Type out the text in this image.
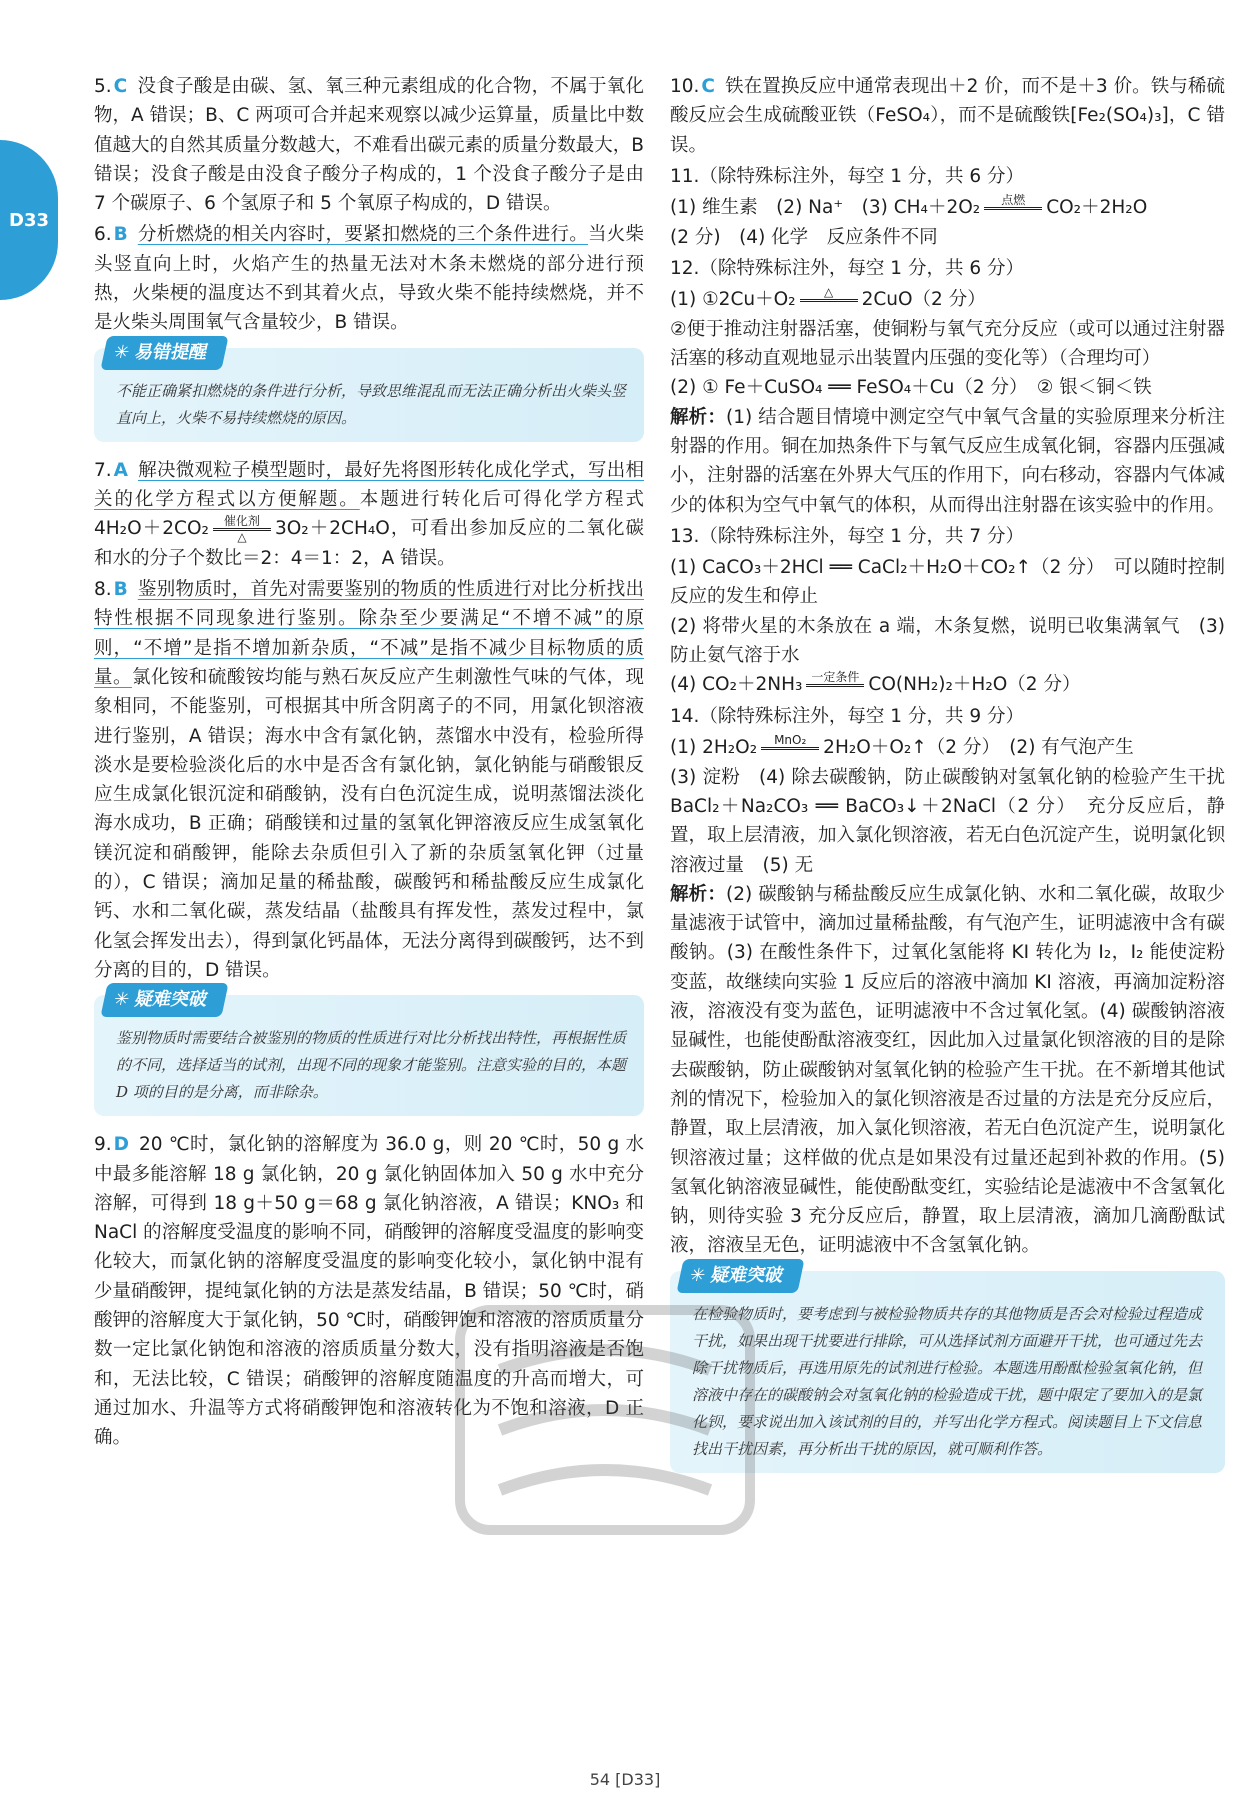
D33

5. C 没食子酸是由碳、氢、氧三种元素组成的化合物，不属于氧化物，A 错误；B、C 两项可合并起来观察以减少运算量，质量比中数值越大的自然其质量分数越大，不难看出碳元素的质量分数最大，B 错误；没食子酸是由没食子酸分子构成的，1 个没食子酸分子是由 7 个碳原子、6 个氢原子和 5 个氧原子构成的，D 错误。

6. B 分析燃烧的相关内容时，要紧扣燃烧的三个条件进行。当火柴头竖直向上时，火焰产生的热量无法对木条未燃烧的部分进行预热，火柴梗的温度达不到其着火点，导致火柴不能持续燃烧，并不是火柴头周围氧气含量较少，B 错误。

✳易错提醒
不能正确紧扣燃烧的条件进行分析，导致思维混乱而无法正确分析出火柴头竖直向上，火柴不易持续燃烧的原因。

7. A 解决微观粒子模型题时，最好先将图形转化成化学式，写出相关的化学方程式以方便解题。本题进行转化后可得化学方程式 4H₂O＋2CO₂ 催化剂
△ 3O₂＋2CH₄O，可看出参加反应的二氧化碳和水的分子个数比＝2：4＝1：2，A 错误。

8. B 鉴别物质时，首先对需要鉴别的物质的性质进行对比分析找出特性根据不同现象进行鉴别。除杂至少要满足“不增不减”的原则，“不增”是指不增加新杂质，“不减”是指不减少目标物质的质量。氯化铵和硫酸铵均能与熟石灰反应产生刺激性气味的气体，现象相同，不能鉴别，可根据其中所含阴离子的不同，用氯化钡溶液进行鉴别，A 错误；海水中含有氯化钠，蒸馏水中没有，检验所得淡水是要检验淡化后的水中是否含有氯化钠，氯化钠能与硝酸银反应生成氯化银沉淀和硝酸钠，没有白色沉淀生成，说明蒸馏法淡化海水成功，B 正确；硝酸镁和过量的氢氧化钾溶液反应生成氢氧化镁沉淀和硝酸钾，能除去杂质但引入了新的杂质氢氧化钾（过量的），C 错误；滴加足量的稀盐酸，碳酸钙和稀盐酸反应生成氯化钙、水和二氧化碳，蒸发结晶（盐酸具有挥发性，蒸发过程中，氯化氢会挥发出去），得到氯化钙晶体，无法分离得到碳酸钙，达不到分离的目的，D 错误。

✳疑难突破
鉴别物质时需要结合被鉴别的物质的性质进行对比分析找出特性，再根据性质的不同，选择适当的试剂，出现不同的现象才能鉴别。注意实验的目的，本题 D 项的目的是分离，而非除杂。

9. D 20 ℃时，氯化钠的溶解度为 36.0 g，则 20 ℃时，50 g 水中最多能溶解 18 g 氯化钠，20 g 氯化钠固体加入 50 g 水中充分溶解，可得到 18 g＋50 g＝68 g 氯化钠溶液，A 错误；KNO₃ 和 NaCl 的溶解度受温度的影响不同，硝酸钾的溶解度受温度的影响变化较大，而氯化钠的溶解度受温度的影响变化较小，氯化钠中混有少量硝酸钾，提纯氯化钠的方法是蒸发结晶，B 错误；50 ℃时，硝酸钾的溶解度大于氯化钠，50 ℃时，硝酸钾饱和溶液的溶质质量分数一定比氯化钠饱和溶液的溶质质量分数大，没有指明溶液是否饱和，无法比较，C 错误；硝酸钾的溶解度随温度的升高而增大，可通过加水、升温等方式将硝酸钾饱和溶液转化为不饱和溶液，D 正确。

10. C 铁在置换反应中通常表现出＋2 价，而不是＋3 价。铁与稀硫酸反应会生成硫酸亚铁（FeSO₄），而不是硫酸铁[Fe₂(SO₄)₃]，C 错误。

11.（除特殊标注外，每空 1 分，共 6 分）

(1) 维生素　(2) Na⁺　(3) CH₄＋2O₂ 点燃
CO₂＋2H₂O
(2 分)　(4) 化学　反应条件不同

12.（除特殊标注外，每空 1 分，共 6 分）

(1) ①2Cu＋O₂ △
2CuO（2 分）
②便于推动注射器活塞，使铜粉与氧气充分反应（或可以通过注射器活塞的移动直观地显示出装置内压强的变化等）（合理均可）
(2) ① Fe＋CuSO₄ ══ FeSO₄＋Cu（2 分）　② 银＜铜＜铁
解析：(1) 结合题目情境中测定空气中氧气含量的实验原理来分析注射器的作用。铜在加热条件下与氧气反应生成氧化铜，容器内压强减小，注射器的活塞在外界大气压的作用下，向右移动，容器内气体减少的体积为空气中氧气的体积，从而得出注射器在该实验中的作用。

13.（除特殊标注外，每空 1 分，共 7 分）

(1) CaCO₃＋2HCl ══ CaCl₂＋H₂O＋CO₂↑（2 分）　可以随时控制反应的发生和停止
(2) 将带火星的木条放在 a 端，木条复燃，说明已收集满氧气　(3) 防止氨气溶于水
(4) CO₂＋2NH₃ 一定条件
CO(NH₂)₂＋H₂O（2 分）

14.（除特殊标注外，每空 1 分，共 9 分）

(1) 2H₂O₂ MnO₂
2H₂O＋O₂↑（2 分）　(2) 有气泡产生
(3) 淀粉　(4) 除去碳酸钠，防止碳酸钠对氢氧化钠的检验产生干扰　BaCl₂＋Na₂CO₃ ══ BaCO₃↓＋2NaCl（2 分）　充分反应后，静置，取上层清液，加入氯化钡溶液，若无白色沉淀产生，说明氯化钡溶液过量　(5) 无
解析：(2) 碳酸钠与稀盐酸反应生成氯化钠、水和二氧化碳，故取少量滤液于试管中，滴加过量稀盐酸，有气泡产生，证明滤液中含有碳酸钠。(3) 在酸性条件下，过氧化氢能将 KI 转化为 I₂，I₂ 能使淀粉变蓝，故继续向实验 1 反应后的溶液中滴加 KI 溶液，再滴加淀粉溶液，溶液没有变为蓝色，证明滤液中不含过氧化氢。(4) 碳酸钠溶液显碱性，也能使酚酞溶液变红，因此加入过量氯化钡溶液的目的是除去碳酸钠，防止碳酸钠对氢氧化钠的检验产生干扰。在不新增其他试剂的情况下，检验加入的氯化钡溶液是否过量的方法是充分反应后，静置，取上层清液，加入氯化钡溶液，若无白色沉淀产生，说明氯化钡溶液过量；这样做的优点是如果没有过量还起到补救的作用。(5) 氢氧化钠溶液显碱性，能使酚酞变红，实验结论是滤液中不含氢氧化钠，则待实验 3 充分反应后，静置，取上层清液，滴加几滴酚酞试液，溶液呈无色，证明滤液中不含氢氧化钠。

✳疑难突破
在检验物质时，要考虑到与被检验物质共存的其他物质是否会对检验过程造成干扰，如果出现干扰要进行排除，可从选择试剂方面避开干扰，也可通过先去除干扰物质后，再选用原先的试剂进行检验。本题选用酚酞检验氢氧化钠，但溶液中存在的碳酸钠会对氢氧化钠的检验造成干扰，题中限定了要加入的是氯化钡，要求说出加入该试剂的目的，并写出化学方程式。阅读题目上下文信息找出干扰因素，再分析出干扰的原因，就可顺利作答。
54 [D33]
